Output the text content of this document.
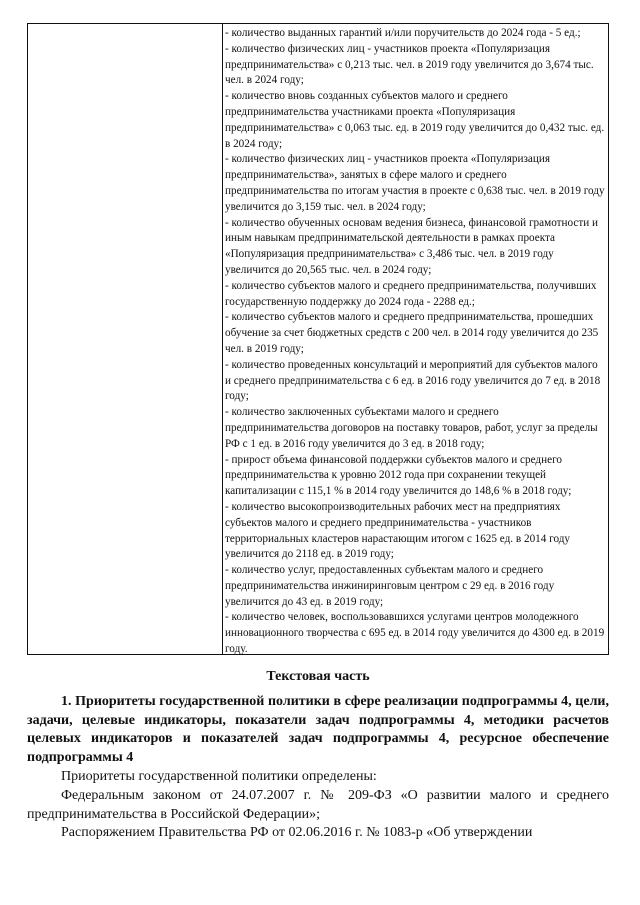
- количество выданных гарантий и/или поручительств до 2024 года - 5 ед.;

- количество физических лиц - участников проекта «Популяризация предпринимательства» с 0,213 тыс. чел. в 2019 году увеличится до 3,674 тыс. чел. в 2024 году;

- количество вновь созданных субъектов малого и среднего предпринимательства участниками проекта «Популяризация предпринимательства» с 0,063 тыс. ед. в 2019 году увеличится до 0,432 тыс. ед. в 2024 году;

- количество физических лиц - участников проекта «Популяризация предпринимательства», занятых в сфере малого и среднего предпринимательства по итогам участия в проекте с 0,638 тыс. чел. в 2019 году увеличится до 3,159 тыс. чел. в 2024 году;

- количество обученных основам ведения бизнеса, финансовой грамотности и иным навыкам предпринимательской деятельности в рамках проекта «Популяризация предпринимательства» с 3,486 тыс. чел. в 2019 году увеличится до 20,565 тыс. чел. в 2024 году;

- количество субъектов малого и среднего предпринимательства, получивших государственную поддержку до 2024 года - 2288 ед.;

- количество субъектов малого и среднего предпринимательства, прошедших обучение за счет бюджетных средств с 200 чел. в 2014 году увеличится до 235 чел. в 2019 году;

- количество проведенных консультаций и мероприятий для субъектов малого и среднего предпринимательства с 6 ед. в 2016 году увеличится до 7 ед. в 2018 году;

- количество заключенных субъектами малого и среднего предпринимательства договоров на поставку товаров, работ, услуг за пределы РФ с 1 ед. в 2016 году увеличится до 3 ед. в 2018 году;

- прирост объема финансовой поддержки субъектов малого и среднего предпринимательства к уровню 2012 года при сохранении текущей капитализации с 115,1 % в 2014 году увеличится до 148,6 % в 2018 году;

- количество высокопроизводительных рабочих мест на предприятиях субъектов малого и среднего предпринимательства - участников территориальных кластеров нарастающим итогом с 1625 ед. в 2014 году увеличится до 2118 ед. в 2019 году;

- количество услуг, предоставленных субъектам малого и среднего предпринимательства инжиниринговым центром с 29 ед. в 2016 году увеличится до 43 ед. в 2019 году;

- количество человек, воспользовавшихся услугами центров молодежного инновационного творчества с 695 ед. в 2014 году увеличится до 4300 ед. в 2019 году.

Текстовая часть

1. Приоритеты государственной политики в сфере реализации подпрограммы 4, цели, задачи, целевые индикаторы, показатели задач подпрограммы 4, методики расчетов целевых индикаторов и показателей задач подпрограммы 4, ресурсное обеспечение подпрограммы 4

Приоритеты государственной политики определены:

Федеральным законом от 24.07.2007 г. № 209-ФЗ «О развитии малого и среднего предпринимательства в Российской Федерации»;

Распоряжением Правительства РФ от 02.06.2016 г. № 1083-р «Об утверждении
